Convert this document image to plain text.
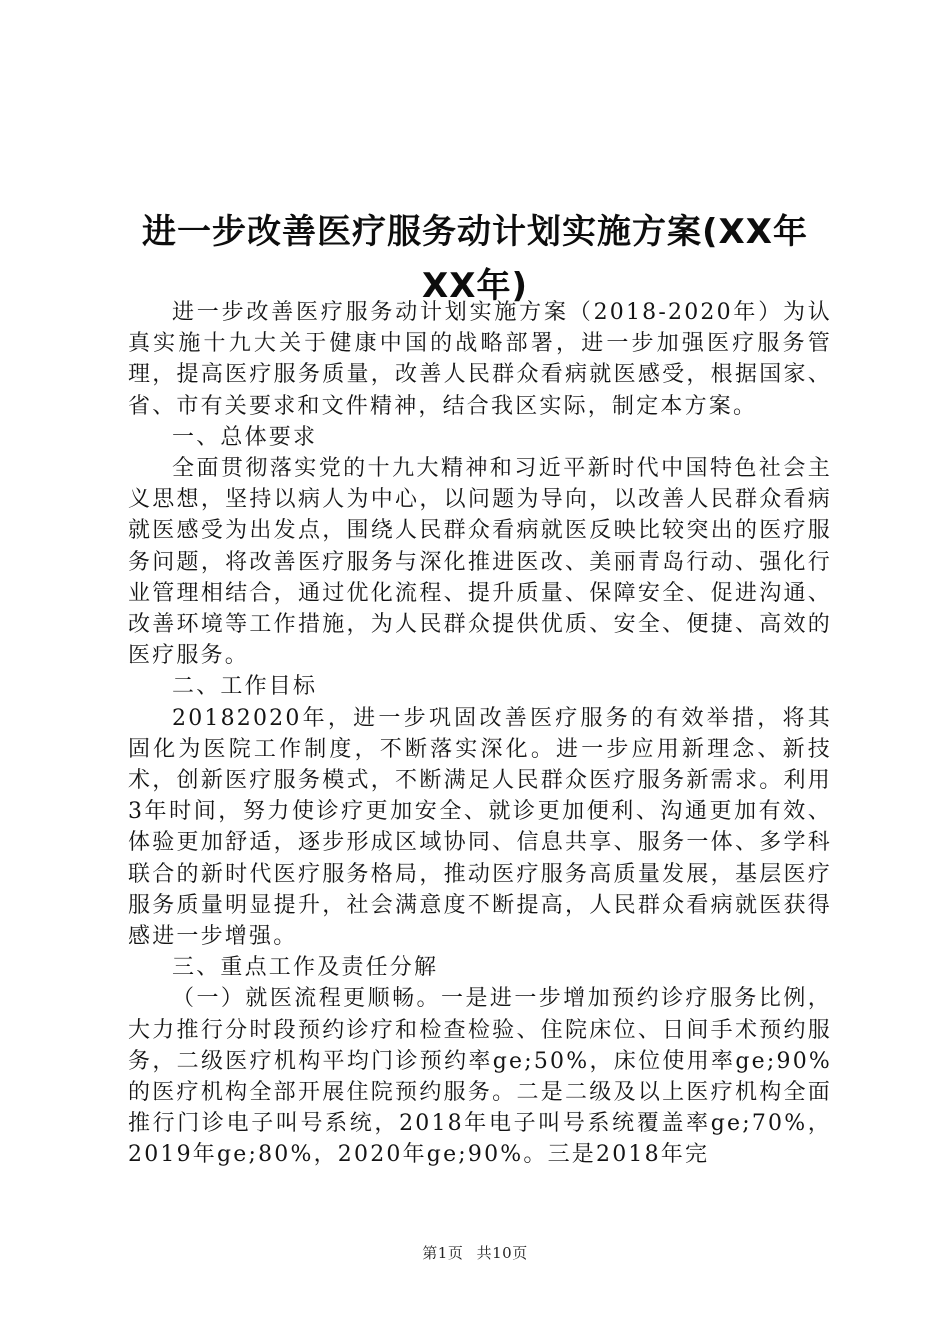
进一步改善医疗服务动计划实施方案(XX年XX年)

进一步改善医疗服务动计划实施方案（2018-2020年）为认真实施十九大关于健康中国的战略部署，进一步加强医疗服务管理，提高医疗服务质量，改善人民群众看病就医感受，根据国家、省、市有关要求和文件精神，结合我区实际，制定本方案。

一、总体要求

全面贯彻落实党的十九大精神和习近平新时代中国特色社会主义思想，坚持以病人为中心，以问题为导向，以改善人民群众看病就医感受为出发点，围绕人民群众看病就医反映比较突出的医疗服务问题，将改善医疗服务与深化推进医改、美丽青岛行动、强化行业管理相结合，通过优化流程、提升质量、保障安全、促进沟通、改善环境等工作措施，为人民群众提供优质、安全、便捷、高效的医疗服务。

二、工作目标

20182020年，进一步巩固改善医疗服务的有效举措，将其固化为医院工作制度，不断落实深化。进一步应用新理念、新技术，创新医疗服务模式，不断满足人民群众医疗服务新需求。利用3年时间，努力使诊疗更加安全、就诊更加便利、沟通更加有效、体验更加舒适，逐步形成区域协同、信息共享、服务一体、多学科联合的新时代医疗服务格局，推动医疗服务高质量发展，基层医疗服务质量明显提升，社会满意度不断提高，人民群众看病就医获得感进一步增强。

三、重点工作及责任分解

（一）就医流程更顺畅。一是进一步增加预约诊疗服务比例，大力推行分时段预约诊疗和检查检验、住院床位、日间手术预约服务，二级医疗机构平均门诊预约率ge;50%，床位使用率ge;90%的医疗机构全部开展住院预约服务。二是二级及以上医疗机构全面推行门诊电子叫号系统，2018年电子叫号系统覆盖率ge;70%，2019年ge;80%，2020年ge;90%。三是2018年完

第1页 共10页
